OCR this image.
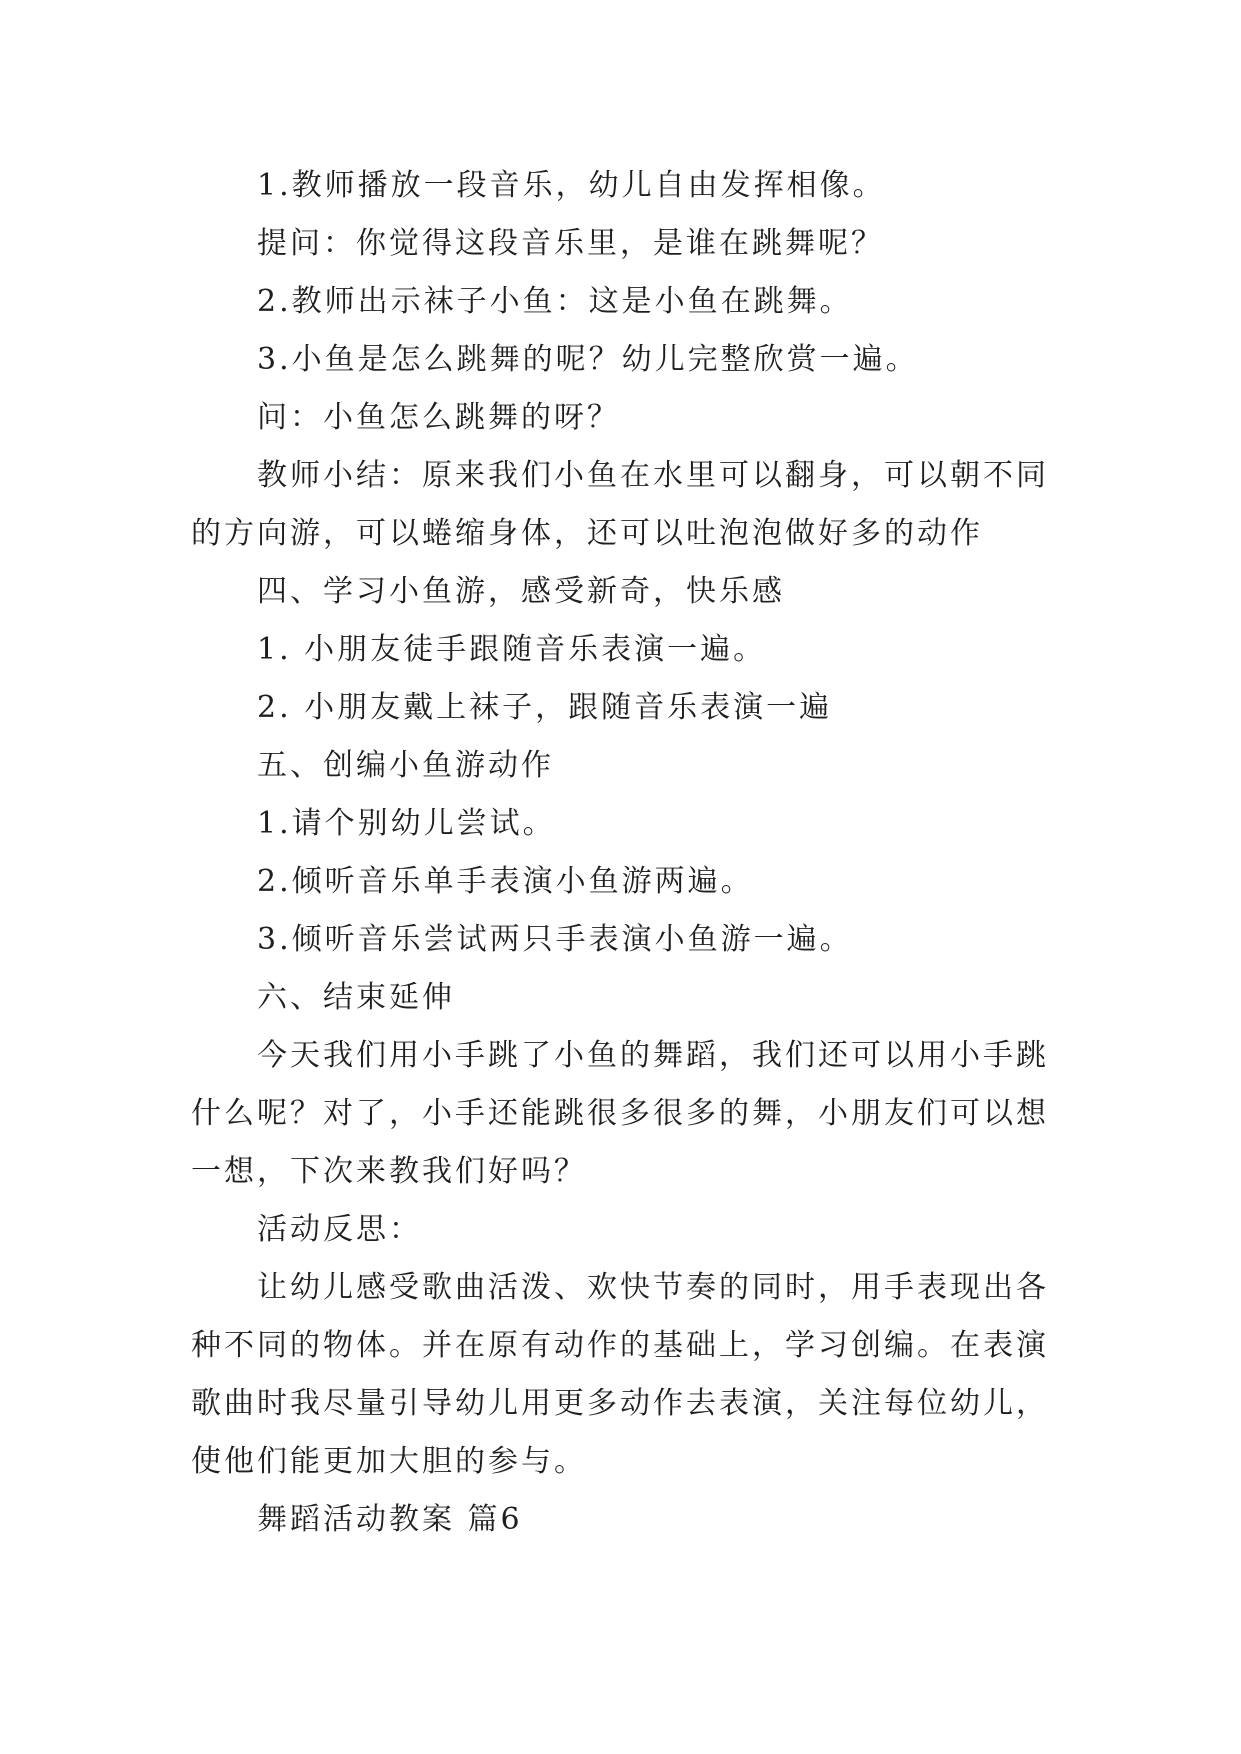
1.教师播放一段音乐，幼儿自由发挥相像。

提问：你觉得这段音乐里，是谁在跳舞呢？

2.教师出示袜子小鱼：这是小鱼在跳舞。

3.小鱼是怎么跳舞的呢？幼儿完整欣赏一遍。

问：小鱼怎么跳舞的呀？

教师小结：原来我们小鱼在水里可以翻身，可以朝不同的方向游，可以蜷缩身体，还可以吐泡泡做好多的动作

四、学习小鱼游，感受新奇，快乐感

1. 小朋友徒手跟随音乐表演一遍。

2. 小朋友戴上袜子，跟随音乐表演一遍

五、创编小鱼游动作

1.请个别幼儿尝试。

2.倾听音乐单手表演小鱼游两遍。

3.倾听音乐尝试两只手表演小鱼游一遍。

六、结束延伸

今天我们用小手跳了小鱼的舞蹈，我们还可以用小手跳什么呢？对了，小手还能跳很多很多的舞，小朋友们可以想一想，下次来教我们好吗？

活动反思：

让幼儿感受歌曲活泼、欢快节奏的同时，用手表现出各种不同的物体。并在原有动作的基础上，学习创编。在表演歌曲时我尽量引导幼儿用更多动作去表演，关注每位幼儿，使他们能更加大胆的参与。

舞蹈活动教案 篇6
